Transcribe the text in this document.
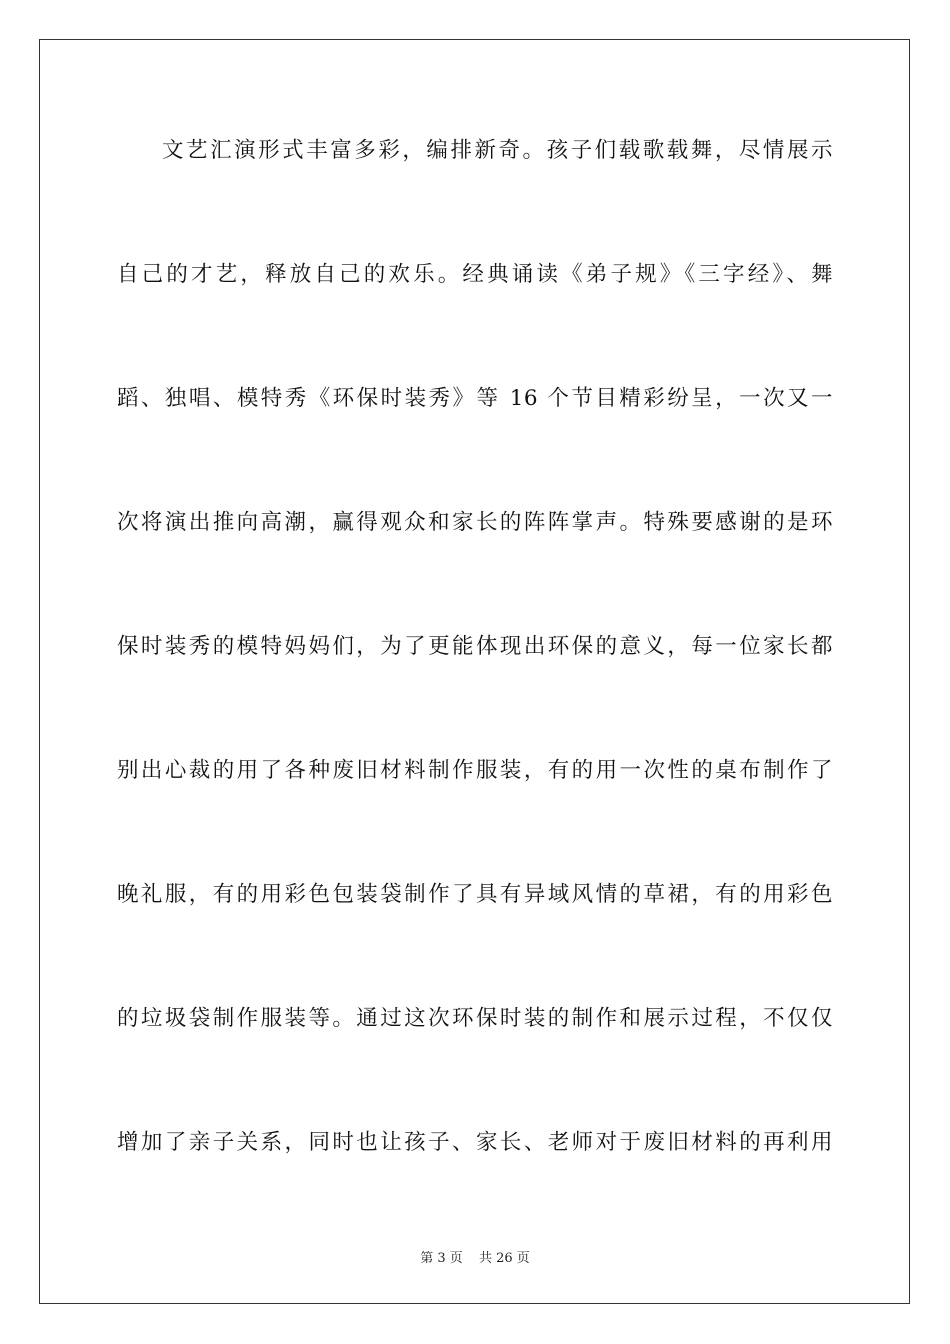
文艺汇演形式丰富多彩，编排新奇。孩子们载歌载舞，尽情展示
自己的才艺，释放自己的欢乐。经典诵读《弟子规》《三字经》、舞
蹈、独唱、模特秀《环保时装秀》等 16 个节目精彩纷呈，一次又一
次将演出推向高潮，赢得观众和家长的阵阵掌声。特殊要感谢的是环
保时装秀的模特妈妈们，为了更能体现出环保的意义，每一位家长都
别出心裁的用了各种废旧材料制作服装，有的用一次性的桌布制作了
晚礼服，有的用彩色包装袋制作了具有异域风情的草裙，有的用彩色
的垃圾袋制作服装等。通过这次环保时装的制作和展示过程，不仅仅
增加了亲子关系，同时也让孩子、家长、老师对于废旧材料的再利用
第 3 页 共 26 页
